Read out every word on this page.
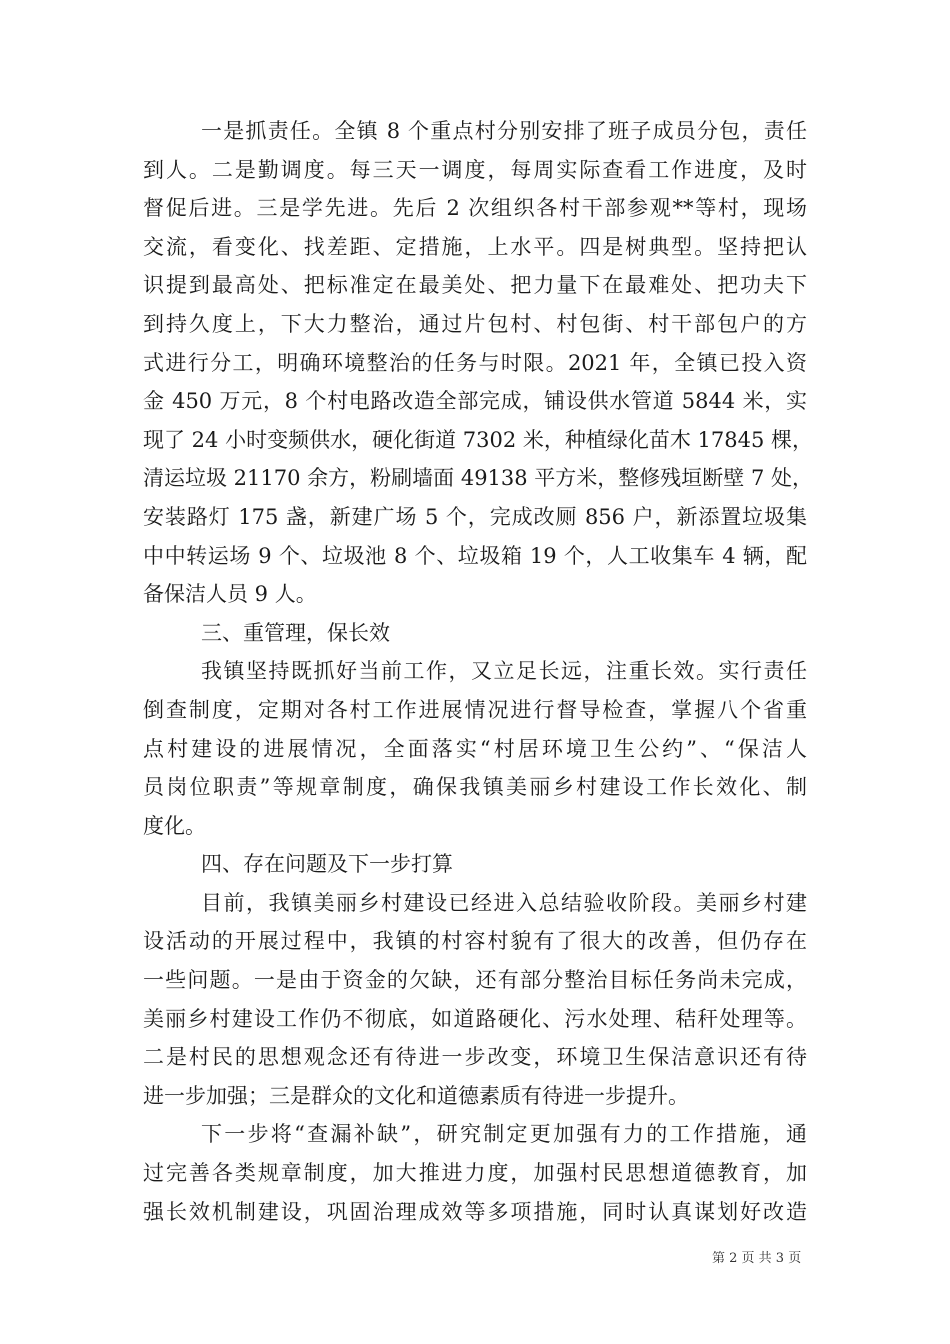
一是抓责任。全镇 8 个重点村分别安排了班子成员分包，责任
到人。二是勤调度。每三天一调度，每周实际查看工作进度，及时
督促后进。三是学先进。先后 2 次组织各村干部参观**等村，现场
交流，看变化、找差距、定措施，上水平。四是树典型。坚持把认
识提到最高处、把标准定在最美处、把力量下在最难处、把功夫下
到持久度上，下大力整治，通过片包村、村包街、村干部包户的方
式进行分工，明确环境整治的任务与时限。2021 年，全镇已投入资
金 450 万元，8 个村电路改造全部完成，铺设供水管道 5844 米，实
现了 24 小时变频供水，硬化街道 7302 米，种植绿化苗木 17845 棵，
清运垃圾 21170 余方，粉刷墙面 49138 平方米，整修残垣断壁 7 处，
安装路灯 175 盏，新建广场 5 个，完成改厕 856 户，新添置垃圾集
中中转运场 9 个、垃圾池 8 个、垃圾箱 19 个，人工收集车 4 辆，配
备保洁人员 9 人。
三、重管理，保长效
我镇坚持既抓好当前工作，又立足长远，注重长效。实行责任
倒查制度，定期对各村工作进展情况进行督导检查，掌握八个省重
点村建设的进展情况，全面落实“村居环境卫生公约”、“保洁人
员岗位职责”等规章制度，确保我镇美丽乡村建设工作长效化、制
度化。
四、存在问题及下一步打算
目前，我镇美丽乡村建设已经进入总结验收阶段。美丽乡村建
设活动的开展过程中，我镇的村容村貌有了很大的改善，但仍存在
一些问题。一是由于资金的欠缺，还有部分整治目标任务尚未完成，
美丽乡村建设工作仍不彻底，如道路硬化、污水处理、秸秆处理等。
二是村民的思想观念还有待进一步改变，环境卫生保洁意识还有待
进一步加强；三是群众的文化和道德素质有待进一步提升。
下一步将“查漏补缺”，研究制定更加强有力的工作措施，通
过完善各类规章制度，加大推进力度，加强村民思想道德教育，加
强长效机制建设，巩固治理成效等多项措施，同时认真谋划好改造
第 2 页 共 3 页
